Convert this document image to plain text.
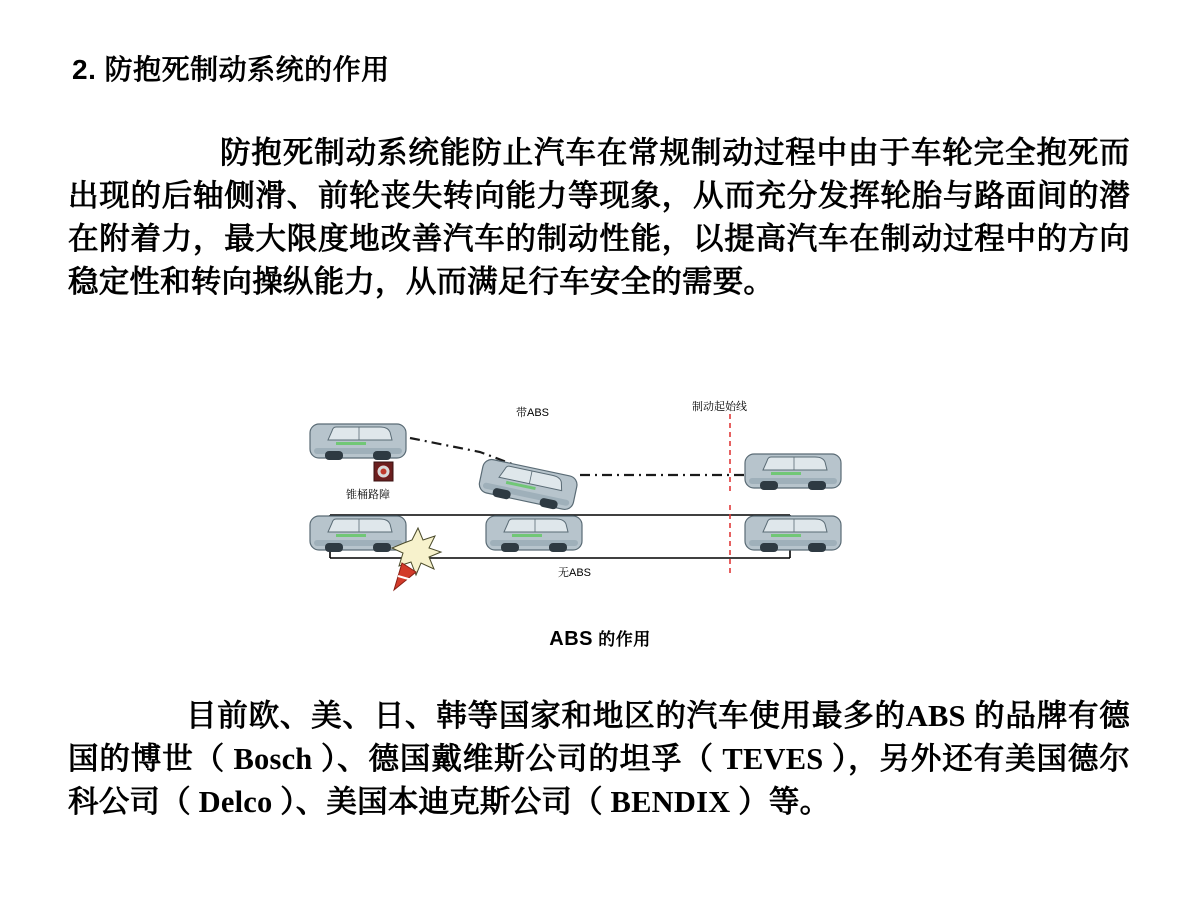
2. 防抱死制动系统的作用
防抱死制动系统能防止汽车在常规制动过程中由于车轮完全抱死而出现的后轴侧滑、前轮丧失转向能力等现象，从而充分发挥轮胎与路面间的潜在附着力，最大限度地改善汽车的制动性能，以提高汽车在制动过程中的方向稳定性和转向操纵能力，从而满足行车安全的需要。
锥桶路障
带ABS	制动起始线
无ABS
ABS 的作用
目前欧、美、日、韩等国家和地区的汽车使用最多的ABS 的品牌有德国的博世（ Bosch ）、德国戴维斯公司的坦孚（ TEVES ），另外还有美国德尔科公司（ Delco ）、美国本迪克斯公司（ BENDIX ）等。
